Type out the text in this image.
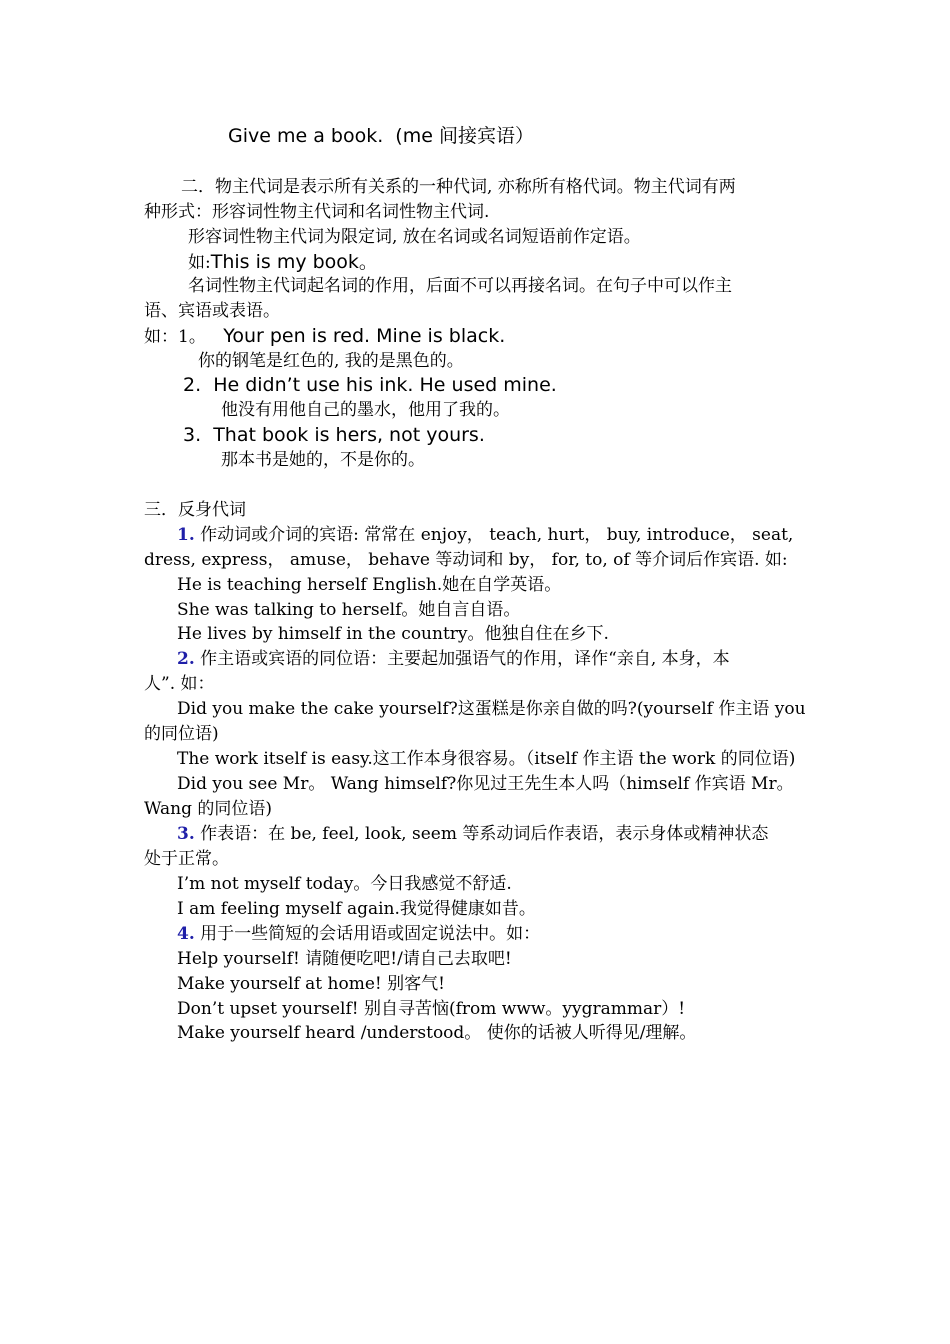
Give me a book. (me 间接宾语）
二．物主代词是表示所有关系的一种代词, 亦称所有格代词。物主代词有两
种形式：形容词性物主代词和名词性物主代词.
形容词性物主代词为限定词, 放在名词或名词短语前作定语。
如:This is my book。
名词性物主代词起名词的作用，后面不可以再接名词。在句子中可以作主
语、宾语或表语。
如：1。 Your pen is red. Mine is black.
你的钢笔是红色的, 我的是黑色的。
2. He didn’t use his ink. He used mine.
他没有用他自己的墨水，他用了我的。
3. That book is hers, not yours.
那本书是她的，不是你的。
三．反身代词
1. 作动词或介词的宾语: 常常在 enjoy， teach, hurt， buy, introduce， seat,
dress, express， amuse， behave 等动词和 by， for, to, of 等介词后作宾语. 如:
He is teaching herself English.她在自学英语。
She was talking to herself。她自言自语。
He lives by himself in the country。他独自住在乡下.
2. 作主语或宾语的同位语：主要起加强语气的作用，译作“亲自, 本身，本
人”. 如：
Did you make the cake yourself?这蛋糕是你亲自做的吗?(yourself 作主语 you
的同位语)
The work itself is easy.这工作本身很容易。（itself 作主语 the work 的同位语)
Did you see Mr。 Wang himself?你见过王先生本人吗（himself 作宾语 Mr。
Wang 的同位语)
3. 作表语：在 be, feel, look, seem 等系动词后作表语，表示身体或精神状态
处于正常。
I’m not myself today。今日我感觉不舒适.
I am feeling myself again.我觉得健康如昔。
4. 用于一些简短的会话用语或固定说法中。如：
Help yourself! 请随便吃吧!/请自己去取吧!
Make yourself at home! 别客气!
Don’t upset yourself! 别自寻苦恼(from www。yygrammar）!
Make yourself heard /understood。 使你的话被人听得见/理解。
